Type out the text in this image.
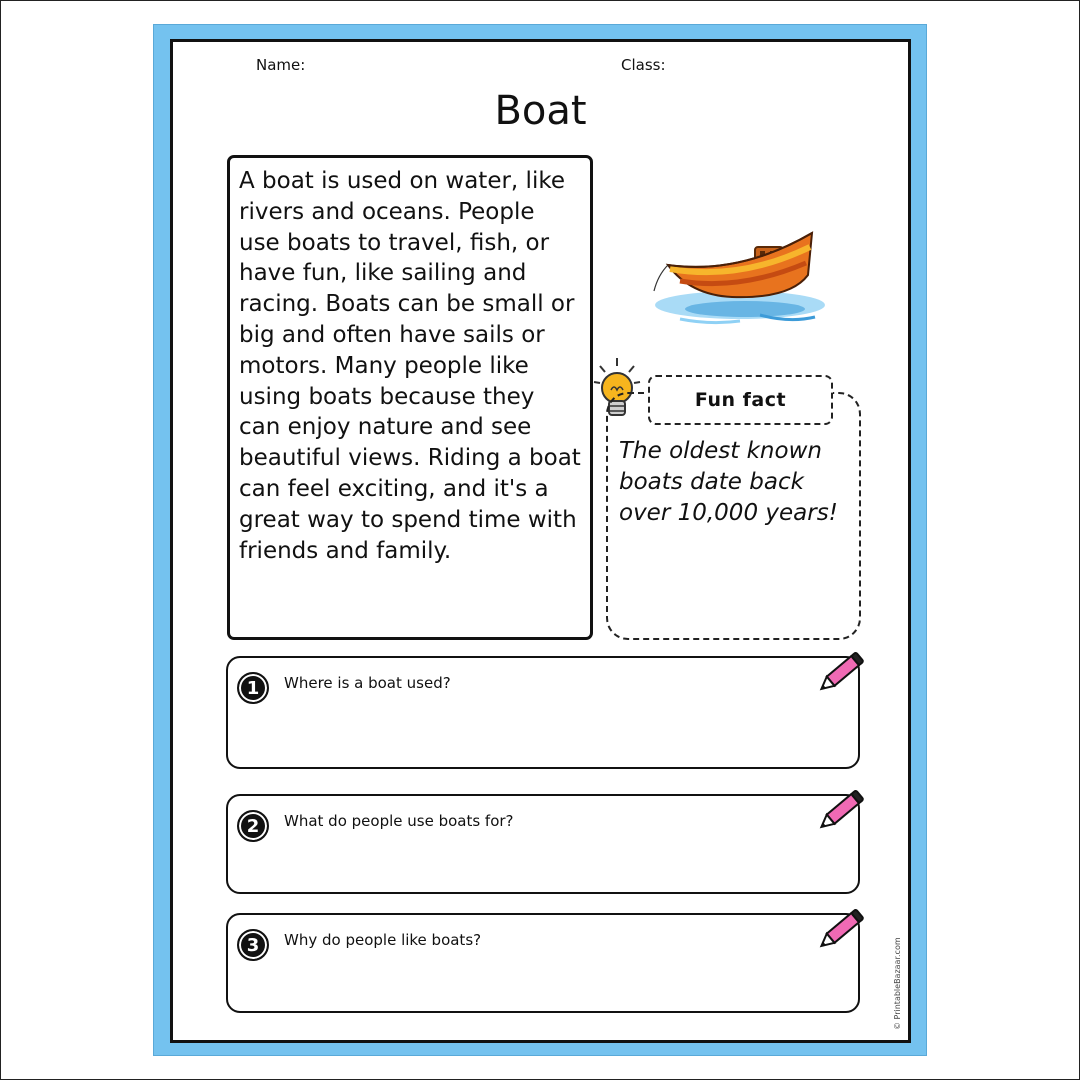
Name:	Class:
Boat

A boat is used on water, like rivers and oceans. People use boats to travel, fish, or have fun, like sailing and racing. Boats can be small or big and often have sails or motors. Many people like using boats because they can enjoy nature and see beautiful views. Riding a boat can feel exciting, and it's a great way to spend time with friends and family.

Fun fact

The oldest known boats date back over 10,000 years!

1	Where is a boat used?
2	What do people use boats for?
3	Why do people like boats?	© PrintableBazaar.com
